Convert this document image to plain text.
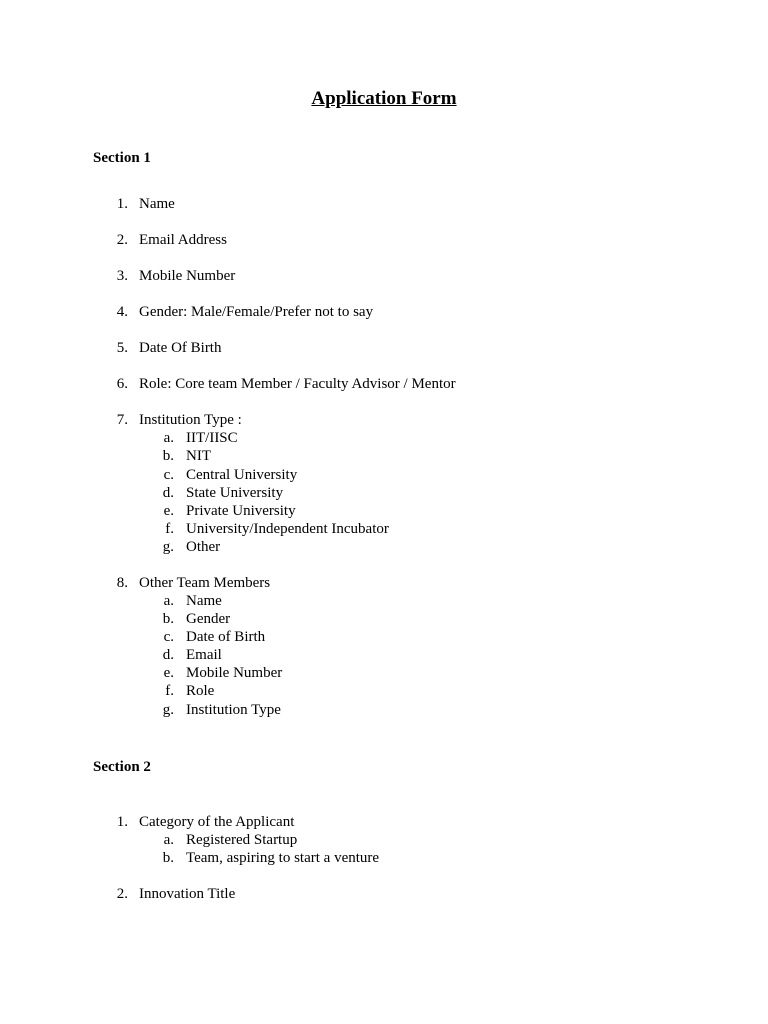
Application Form
Section 1
1. Name
2. Email Address
3. Mobile Number
4. Gender: Male/Female/Prefer not to say
5. Date Of Birth
6. Role: Core team Member / Faculty Advisor / Mentor
7. Institution Type :
a. IIT/IISC
b. NIT
c. Central University
d. State University
e. Private University
f. University/Independent Incubator
g. Other
8. Other Team Members
a. Name
b. Gender
c. Date of Birth
d. Email
e. Mobile Number
f. Role
g. Institution Type
Section 2
1. Category of the Applicant
a. Registered Startup
b. Team, aspiring to start a venture
2. Innovation Title
